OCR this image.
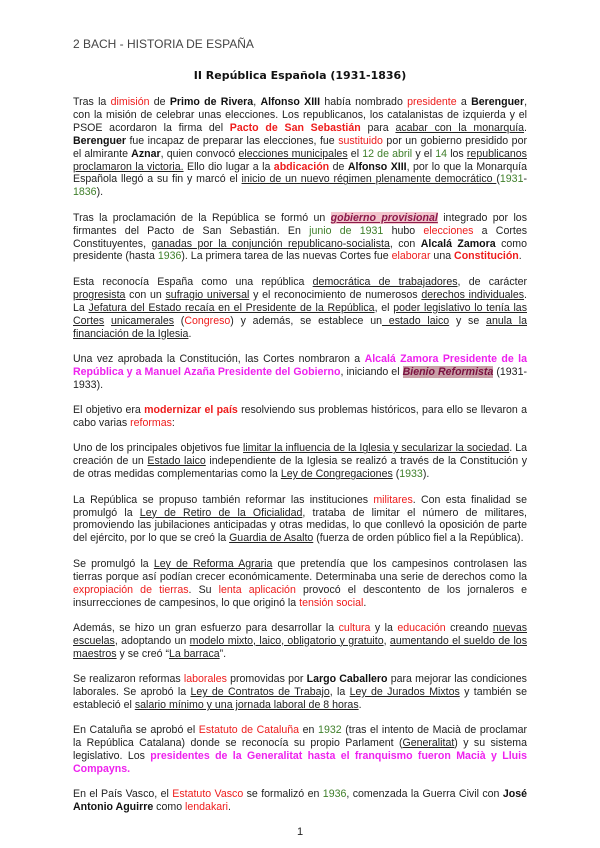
2 BACH - HISTORIA DE ESPAÑA
II República Española (1931-1836)

Tras la dimisión de Primo de Rivera, Alfonso XIII había nombrado presidente a Berenguer, con la misión de celebrar unas elecciones. Los republicanos, los catalanistas de izquierda y el PSOE acordaron la firma del Pacto de San Sebastián para acabar con la monarquía. Berenguer fue incapaz de preparar las elecciones, fue sustituido por un gobierno presidido por el almirante Aznar, quien convocó elecciones municipales el 12 de abril y el 14 los republicanos proclamaron la victoria. Ello dio lugar a la abdicación de Alfonso XIII, por lo que la Monarquía Española llegó a su fin y marcó el inicio de un nuevo régimen plenamente democrático (1931-1836).

Tras la proclamación de la República se formó un gobierno provisional integrado por los firmantes del Pacto de San Sebastián. En junio de 1931 hubo elecciones a Cortes Constituyentes, ganadas por la conjunción republicano-socialista, con Alcalá Zamora como presidente (hasta 1936). La primera tarea de las nuevas Cortes fue elaborar una Constitución.

Esta reconocía España como una república democrática de trabajadores, de carácter progresista con un sufragio universal y el reconocimiento de numerosos derechos individuales. La Jefatura del Estado recaía en el Presidente de la República, el poder legislativo lo tenía las Cortes unicamerales (Congreso) y además, se establece un estado laico y se anula la financiación de la Iglesia.

Una vez aprobada la Constitución, las Cortes nombraron a Alcalá Zamora Presidente de la República y a Manuel Azaña Presidente del Gobierno, iniciando el Bienio Reformista (1931-1933).

El objetivo era modernizar el país resolviendo sus problemas históricos, para ello se llevaron a cabo varias reformas:

Uno de los principales objetivos fue limitar la influencia de la Iglesia y secularizar la sociedad. La creación de un Estado laico independiente de la Iglesia se realizó a través de la Constitución y de otras medidas complementarias como la Ley de Congregaciones (1933).

La República se propuso también reformar las instituciones militares. Con esta finalidad se promulgó la Ley de Retiro de la Oficialidad, trataba de limitar el número de militares, promoviendo las jubilaciones anticipadas y otras medidas, lo que conllevó la oposición de parte del ejército, por lo que se creó la Guardia de Asalto (fuerza de orden público fiel a la República).

Se promulgó la Ley de Reforma Agraria que pretendía que los campesinos controlasen las tierras porque así podían crecer económicamente. Determinaba una serie de derechos como la expropiación de tierras. Su lenta aplicación provocó el descontento de los jornaleros e insurrecciones de campesinos, lo que originó la tensión social.

Además, se hizo un gran esfuerzo para desarrollar la cultura y la educación creando nuevas escuelas, adoptando un modelo mixto, laico, obligatorio y gratuito, aumentando el sueldo de los maestros y se creó “La barraca”.

Se realizaron reformas laborales promovidas por Largo Caballero para mejorar las condiciones laborales. Se aprobó la Ley de Contratos de Trabajo, la Ley de Jurados Mixtos y también se estableció el salario mínimo y una jornada laboral de 8 horas.

En Cataluña se aprobó el Estatuto de Cataluña en 1932 (tras el intento de Macià de proclamar la República Catalana) donde se reconocía su propio Parlament (Generalitat) y su sistema legislativo. Los presidentes de la Generalitat hasta el franquismo fueron Macià y Lluis Compayns.

En el País Vasco, el Estatuto Vasco se formalizó en 1936, comenzada la Guerra Civil con José Antonio Aguirre como lendakari.

1
